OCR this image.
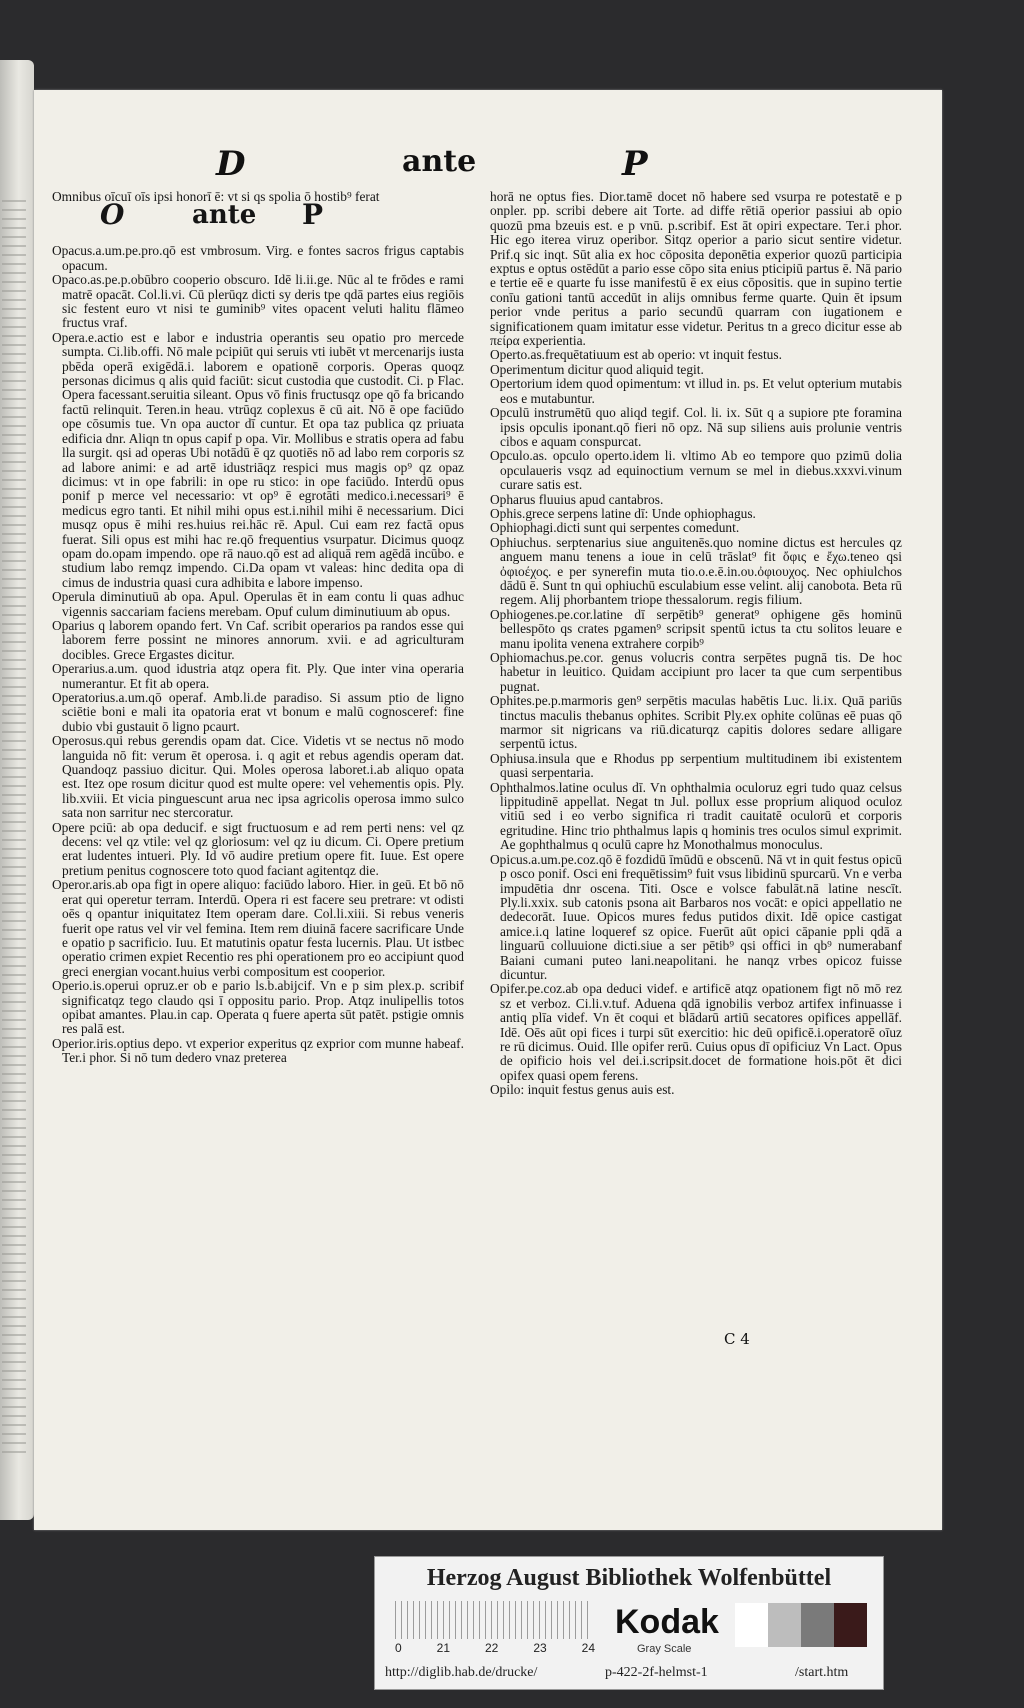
D	ante	P

Omnibus oīcuī oīs ipsi honorī ē: vt si qs spolia ō hostib⁹ ferat

O	ante P

Opacus.a.um.pe.pro.qō est vmbrosum. Virg. e fontes sacros frigus captabis opacum.

Opaco.as.pe.p.obūbro cooperio obscuro. Idē li.ii.ge. Nūc al te frōdes e rami matrē opacāt. Col.li.vi. Cū plerūqz dicti sy deris tpe qdā partes eius regiōis sic festent euro vt nisi te guminib⁹ vites opacent veluti halitu flāmeo fructus vraf.

Opera.e.actio est e labor e industria operantis seu opatio pro mercede sumpta. Ci.lib.offi. Nō male pcipiūt qui seruis vti iubēt vt mercenarijs iusta pbēda operā exigēdā.i. laborem e opationē corporis. Operas quoqz personas dicimus q alis quid faciūt: sicut custodia que custodit. Ci. p Flac. Opera facessant.seruitia sileant. Opus vō finis fructusqz ope qō fa bricando factū relinquit. Teren.in heau. vtrūqz coplexus ē cū ait. Nō ē ope faciūdo ope cōsumis tue. Vn opa auctor dī cuntur. Et opa taz publica qz priuata edificia dnr. Aliqn tn opus capif p opa. Vir. Mollibus e stratis opera ad fabu lla surgit. qsi ad operas Ubi notādū ē qz quotiēs nō ad labo rem corporis sz ad labore animi: e ad artē idustriāqz respici mus magis op⁹ qz opaz dicimus: vt in ope fabrili: in ope ru stico: in ope faciūdo. Interdū opus ponif p merce vel necessario: vt op⁹ ē egrotāti medico.i.necessari⁹ ē medicus egro tanti. Et nihil mihi opus est.i.nihil mihi ē necessarium. Dici musqz opus ē mihi res.huius rei.hāc rē. Apul. Cui eam rez factā opus fuerat. Sili opus est mihi hac re.qō frequentius vsurpatur. Dicimus quoqz opam do.opam impendo. ope rā nauo.qō est ad aliquā rem agēdā incūbo. e studium labo remqz impendo. Ci.Da opam vt valeas: hinc dedita opa di cimus de industria quasi cura adhibita e labore impenso.

Operula diminutiuū ab opa. Apul. Operulas ēt in eam contu li quas adhuc vigennis saccariam faciens merebam. Opuf culum diminutiuum ab opus.

Oparius q laborem opando fert. Vn Caf. scribit operarios pa randos esse qui laborem ferre possint ne minores annorum. xvii. e ad agriculturam docibles. Grece Ergastes dicitur.

Operarius.a.um. quod idustria atqz opera fit. Ply. Que inter vina operaria numerantur. Et fit ab opera.

Operatorius.a.um.qō operaf. Amb.li.de paradiso. Si assum ptio de ligno sciētie boni e mali ita opatoria erat vt bonum e malū cognosceref: fine dubio vbi gustauit ō ligno pcaurt.

Operosus.qui rebus gerendis opam dat. Cice. Videtis vt se nectus nō modo languida nō fit: verum ēt operosa. i. q agit et rebus agendis operam dat. Quandoqz passiuo dicitur. Qui. Moles operosa laboret.i.ab aliquo opata est. Itez ope rosum dicitur quod est multe opere: vel vehementis opis. Ply. lib.xviii. Et vicia pinguescunt arua nec ipsa agricolis operosa immo sulco sata non sarritur nec stercoratur.

Opere pciū: ab opa deducif. e sigt fructuosum e ad rem perti nens: vel qz decens: vel qz vtile: vel qz gloriosum: vel qz iu dicum. Ci. Opere pretium erat ludentes intueri. Ply. Id vō audire pretium opere fit. Iuue. Est opere pretium penitus cognoscere toto quod faciant agitentqz die.

Operor.aris.ab opa figt in opere aliquo: faciūdo laboro. Hier. in geū. Et bō nō erat qui operetur terram. Interdū. Opera ri est facere seu pretrare: vt odisti oēs q opantur iniquitatez Item operam dare. Col.li.xiii. Si rebus veneris fuerit ope ratus vel vir vel femina. Item rem diuinā facere sacrificare Unde e opatio p sacrificio. Iuu. Et matutinis opatur festa lucernis. Plau. Ut istbec operatio crimen expiet Recentio res phi operationem pro eo accipiunt quod greci energian vocant.huius verbi compositum est cooperior.

Operio.is.operui opruz.er ob e pario ls.b.abijcif. Vn e p sim plex.p. scribif significatqz tego claudo qsi ī oppositu pario. Prop. Atqz inulipellis totos opibat amantes. Plau.in cap. Operata q fuere aperta sūt patēt. pstigie omnis res palā est.

Operior.iris.optius depo. vt experior experitus qz exprior com munne habeaf. Ter.i phor. Si nō tum dedero vnaz preterea

horā ne optus fies. Dior.tamē docet nō habere sed vsurpa re potestatē e p onpler. pp. scribi debere ait Torte. ad diffe rētiā operior passiui ab opio quozū pma bzeuis est. e p vnū. p.scribif. Est āt opiri expectare. Ter.i phor. Hic ego iterea viruz operibor. Sitqz operior a pario sicut sentire videtur. Prif.q sic inqt. Sūt alia ex hoc cōposita deponētia experior quozū participia exptus e optus ostēdūt a pario esse cōpo sita enius pticipiū partus ē. Nā pario e tertie eē e quarte fu isse manifestū ē ex eius cōpositis. que in supino tertie conīu gationi tantū accedūt in alijs omnibus ferme quarte. Quin ēt ipsum perior vnde peritus a pario secundū quarram con iugationem e significationem quam imitatur esse videtur. Peritus tn a greco dicitur esse ab πείρα experientia.

Operto.as.frequētatiuum est ab operio: vt inquit festus.

Operimentum dicitur quod aliquid tegit.

Opertorium idem quod opimentum: vt illud in. ps. Et velut opterium mutabis eos e mutabuntur.

Opculū instrumētū quo aliqd tegif. Col. li. ix. Sūt q a supiore pte foramina ipsis opculis iponant.qō fieri nō opz. Nā sup siliens auis prolunie ventris cibos e aquam conspurcat.

Opculo.as. opculo operto.idem li. vltimo Ab eo tempore quo pzimū dolia opculaueris vsqz ad equinoctium vernum se mel in diebus.xxxvi.vinum curare satis est.

Opharus fluuius apud cantabros.

Ophis.grece serpens latine dī: Unde ophiophagus.

Ophiophagi.dicti sunt qui serpentes comedunt.

Ophiuchus. serptenarius siue anguitenēs.quo nomine dictus est hercules qz anguem manu tenens a ioue in celū trāslat⁹ fit ὄφις e ἔχω.teneo qsi ὀφιοέχος. e per synerefin muta tio.o.e.ē.in.ου.ὀφιουχος. Nec ophiulchos dādū ē. Sunt tn qui ophiuchū esculabium esse velint. alij canobota. Beta rū regem. Alij phorbantem triope thessalorum. regis filium.

Ophiogenes.pe.cor.latine dī serpētib⁹ generat⁹ ophigene gēs hominū bellespōto qs crates pgamen⁹ scripsit spentū ictus ta ctu solitos leuare e manu ipolita venena extrahere corpib⁹

Ophiomachus.pe.cor. genus volucris contra serpētes pugnā tis. De hoc habetur in leuitico. Quidam accipiunt pro lacer ta que cum serpentibus pugnat.

Ophites.pe.p.marmoris gen⁹ serpētis maculas habētis Luc. li.ix. Quā pariūs tinctus maculis thebanus ophites. Scribit Ply.ex ophite colūnas eē puas qō marmor sit nigricans va riū.dicaturqz capitis dolores sedare alligare serpentū ictus.

Ophiusa.insula que e Rhodus pp serpentium multitudinem ibi existentem quasi serpentaria.

Ophthalmos.latine oculus dī. Vn ophthalmia oculoruz egri tudo quaz celsus lippitudinē appellat. Negat tn Jul. pollux esse proprium aliquod oculoz vitiū sed i eo verbo significa ri tradit cauitatē oculorū et corporis egritudine. Hinc trio phthalmus lapis q hominis tres oculos simul exprimit. Ae gophthalmus q oculū capre hz Monothalmus monoculus.

Opicus.a.um.pe.coz.qō ē fozdidū īmūdū e obscenū. Nā vt in quit festus opicū p osco ponif. Osci eni frequētissim⁹ fuit vsus libidinū spurcarū. Vn e verba impudētia dnr oscena. Titi. Osce e volsce fabulāt.nā latine nescīt. Ply.li.xxix. sub catonis psona ait Barbaros nos vocāt: e opici appellatio ne dedecorāt. Iuue. Opicos mures fedus putidos dixit. Idē opice castigat amice.i.q latine loqueref sz opice. Fuerūt aūt opici cāpanie ppli qdā a linguarū colluuione dicti.siue a ser pētib⁹ qsi offici in qb⁹ numerabanf Baiani cumani puteo lani.neapolitani. he nanqz vrbes opicoz fuisse dicuntur.

Opifer.pe.coz.ab opa deduci videf. e artificē atqz opationem figt nō mō rez sz et verboz. Ci.li.v.tuf. Aduena qdā ignobilis verboz artifex infinuasse i antiq plīa videf. Vn ēt coqui et blādarū artiū secatores opifices appellāf. Idē. Oēs aūt opi fices i turpi sūt exercitio: hic deū opificē.i.operatorē oīuz re rū dicimus. Ouid. Ille opifer rerū. Cuius opus dī opificiuz Vn Lact. Opus de opificio hois vel dei.i.scripsit.docet de formatione hois.pōt ēt dici opifex quasi opem ferens.

Opilo: inquit festus genus auis est.

C 4
Herzog August Bibliothek Wolfenbüttel
0	21	22	23	24
Kodak
Gray Scale
http://diglib.hab.de/drucke/	p-422-2f-helmst-1	/start.htm
